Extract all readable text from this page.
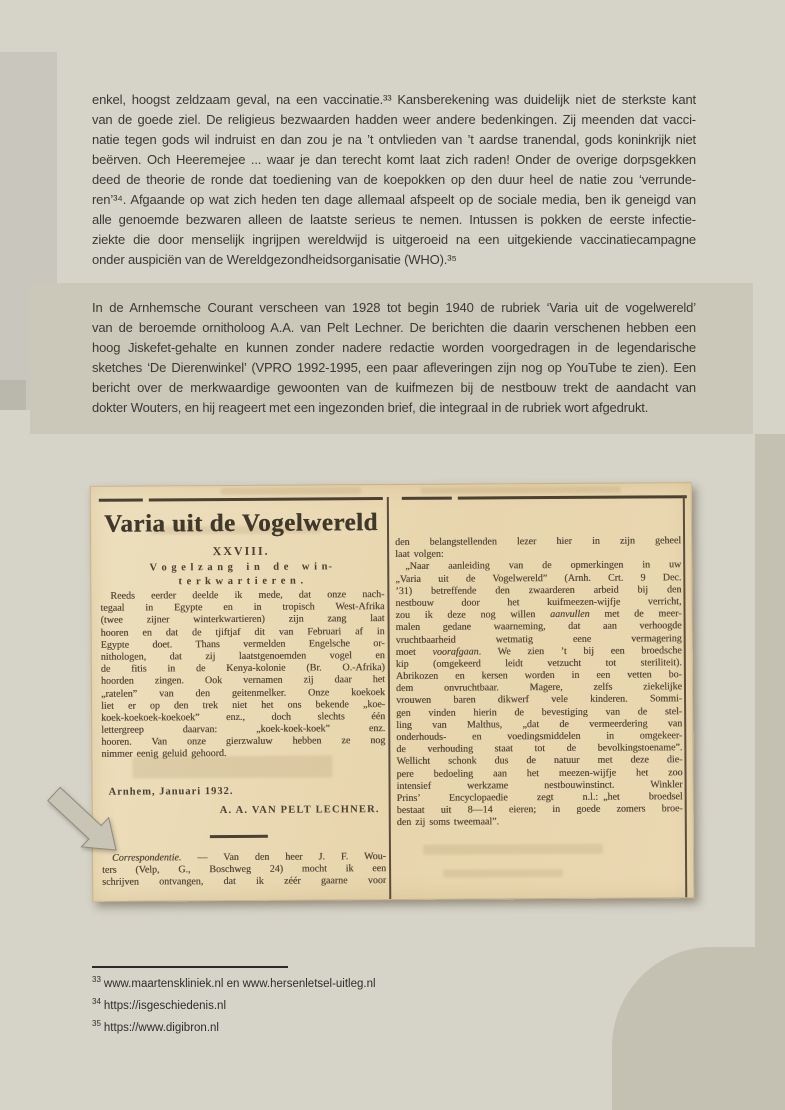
enkel, hoogst zeldzaam geval, na een vaccinatie.³³ Kansberekening was duidelijk niet de sterkste kant
van de goede ziel. De religieus bezwaarden hadden weer andere bedenkingen. Zij meenden dat vacci-
natie tegen gods wil indruist en dan zou je na ’t ontvlieden van ’t aardse tranendal, gods koninkrijk niet
beërven. Och Heeremejee ... waar je dan terecht komt laat zich raden! Onder de overige dorpsgekken
deed de theorie de ronde dat toediening van de koepokken op den duur heel de natie zou ‘verrunde-
ren’³⁴. Afgaande op wat zich heden ten dage allemaal afspeelt op de sociale media, ben ik geneigd van
alle genoemde bezwaren alleen de laatste serieus te nemen. Intussen is pokken de eerste infectie-
ziekte die door menselijk ingrijpen wereldwijd is uitgeroeid na een uitgekiende vaccinatiecampagne
onder auspiciën van de Wereldgezondheidsorganisatie (WHO).³⁵
In de Arnhemsche Courant verscheen van 1928 tot begin 1940 de rubriek ‘Varia uit de vogelwereld’
van de beroemde ornitholoog A.A. van Pelt Lechner. De berichten die daarin verschenen hebben een
hoog Jiskefet-gehalte en kunnen zonder nadere redactie worden voorgedragen in de legendarische
sketches ‘De Dierenwinkel’ (VPRO 1992-1995, een paar afleveringen zijn nog op YouTube te zien). Een
bericht over de merkwaardige gewoonten van de kuifmezen bij de nestbouw trekt de aandacht van
dokter Wouters, en hij reageert met een ingezonden brief, die integraal in de rubriek wort afgedrukt.
Varia uit de Vogelwereld
XXVIII.
V o g e l z a n g  i n  d e  w i n-
t e r k w a r t i e r e n .
  Reeds eerder deelde ik mede, dat onze nach-
tegaal in Egypte en in tropisch West-Afrika
(twee zijner winterkwartieren) zijn zang laat
hooren en dat de tjiftjaf dit van Februari af in
Egypte doet. Thans vermelden Engelsche or-
nithologen, dat zij laatstgenoemden vogel en
de fitis in de Kenya-kolonie (Br. O.-Afrika)
hoorden zingen. Ook vernamen zij daar het
„ratelen” van den geitenmelker. Onze koekoek
liet er op den trek niet het ons bekende „koe-
koek-koekoek-koekoek” enz., doch slechts één
lettergreep daarvan: „koek-koek-koek” enz.
hooren. Van onze gierzwaluw hebben ze nog
nimmer eenig geluid gehoord.
Arnhem, Januari 1932.
A. A. VAN PELT LECHNER.
  Correspondentie. — Van den heer J. F. Wou-
ters (Velp, G., Boschweg 24) mocht ik een
schrijven ontvangen, dat ik zéér gaarne voor
den belangstellenden lezer hier in zijn geheel
laat volgen:
  „Naar aanleiding van de opmerkingen in uw
„Varia uit de Vogelwereld” (Arnh. Crt. 9 Dec.
’31) betreffende den zwaarderen arbeid bij den
nestbouw door het kuifmeezen-wijfje verricht,
zou ik deze nog willen aanvullen met de meer-
malen gedane waarneming, dat aan verhoogde
vruchtbaarheid wetmatig eene vermagering
moet voorafgaan. We zien ’t bij een broedsche
kip (omgekeerd leidt vetzucht tot steriliteit).
Abrikozen en kersen worden in een vetten bo-
dem onvruchtbaar. Magere, zelfs ziekelijke
vrouwen baren dikwerf vele kinderen. Sommi-
gen vinden hierin de bevestiging van de stel-
ling van Malthus, „dat de vermeerdering van
onderhouds- en voedingsmiddelen in omgekeer-
de verhouding staat tot de bevolkingstoename”.
Wellicht schonk dus de natuur met deze die-
pere bedoeling aan het meezen-wijfje het zoo
intensief werkzame nestbouwinstinct. Winkler
Prins’ Encyclopaedie zegt n.l.: „het broedsel
bestaat uit 8—14 eieren; in goede zomers broe-
den zij soms tweemaal”.
$^{33}$ www.maartenskliniek.nl en www.hersenletsel-uitleg.nl
$^{34}$ https://isgeschiedenis.nl
$^{35}$ https://www.digibron.nl
